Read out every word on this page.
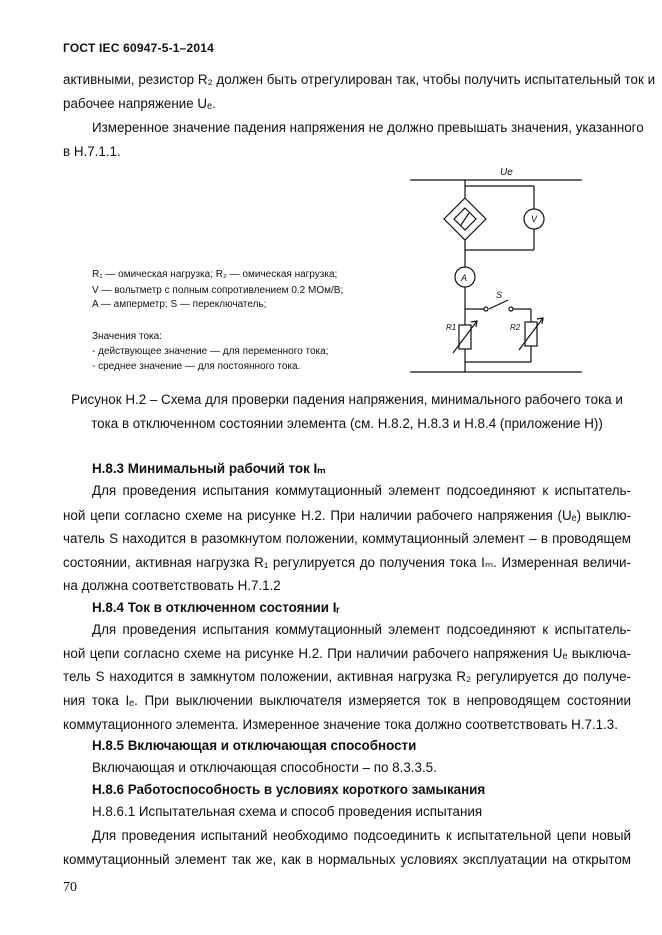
ГОСТ IEC 60947-5-1–2014
активными, резистор R₂ должен быть отрегулирован так, чтобы получить испытательный ток и
рабочее напряжение Uₑ.
Измеренное значение падения напряжения не должно превышать значения, указанного
в Н.7.1.1.
Ue
V
A
S
R1	R2
R₁ — омическая нагрузка; R₂ — омическая нагрузка;
V — вольтметр с полным сопротивлением 0.2 МОм/В;
A — амперметр; S — переключатель;
Значения тока:
- действующее значение — для переменного тока;
- среднее значение — для постоянного тока.
Рисунок Н.2 – Схема для проверки падения напряжения, минимального рабочего тока и
тока в отключенном состоянии элемента (см. Н.8.2, Н.8.3 и Н.8.4 (приложение Н))
Н.8.3 Минимальный рабочий ток Iₘ
Для проведения испытания коммутационный элемент подсоединяют к испытатель-
ной цепи согласно схеме на рисунке Н.2. При наличии рабочего напряжения (Uₑ) выклю-
чатель S находится в разомкнутом положении, коммутационный элемент – в проводящем
состоянии, активная нагрузка R₁ регулируется до получения тока Iₘ. Измеренная величи-
на должна соответствовать Н.7.1.2
Н.8.4 Ток в отключенном состоянии Iᵣ
Для проведения испытания коммутационный элемент подсоединяют к испытатель-
ной цепи согласно схеме на рисунке Н.2. При наличии рабочего напряжения Uₑ выключа-
тель S находится в замкнутом положении, активная нагрузка R₂ регулируется до получе-
ния тока Iₑ. При выключении выключателя измеряется ток в непроводящем состоянии
коммутационного элемента. Измеренное значение тока должно соответствовать Н.7.1.3.
Н.8.5 Включающая и отключающая способности
Включающая и отключающая способности – по 8.3.3.5.
Н.8.6 Работоспособность в условиях короткого замыкания
Н.8.6.1 Испытательная схема и способ проведения испытания
Для проведения испытаний необходимо подсоединить к испытательной цепи новый
коммутационный элемент так же, как в нормальных условиях эксплуатации на открытом
70
